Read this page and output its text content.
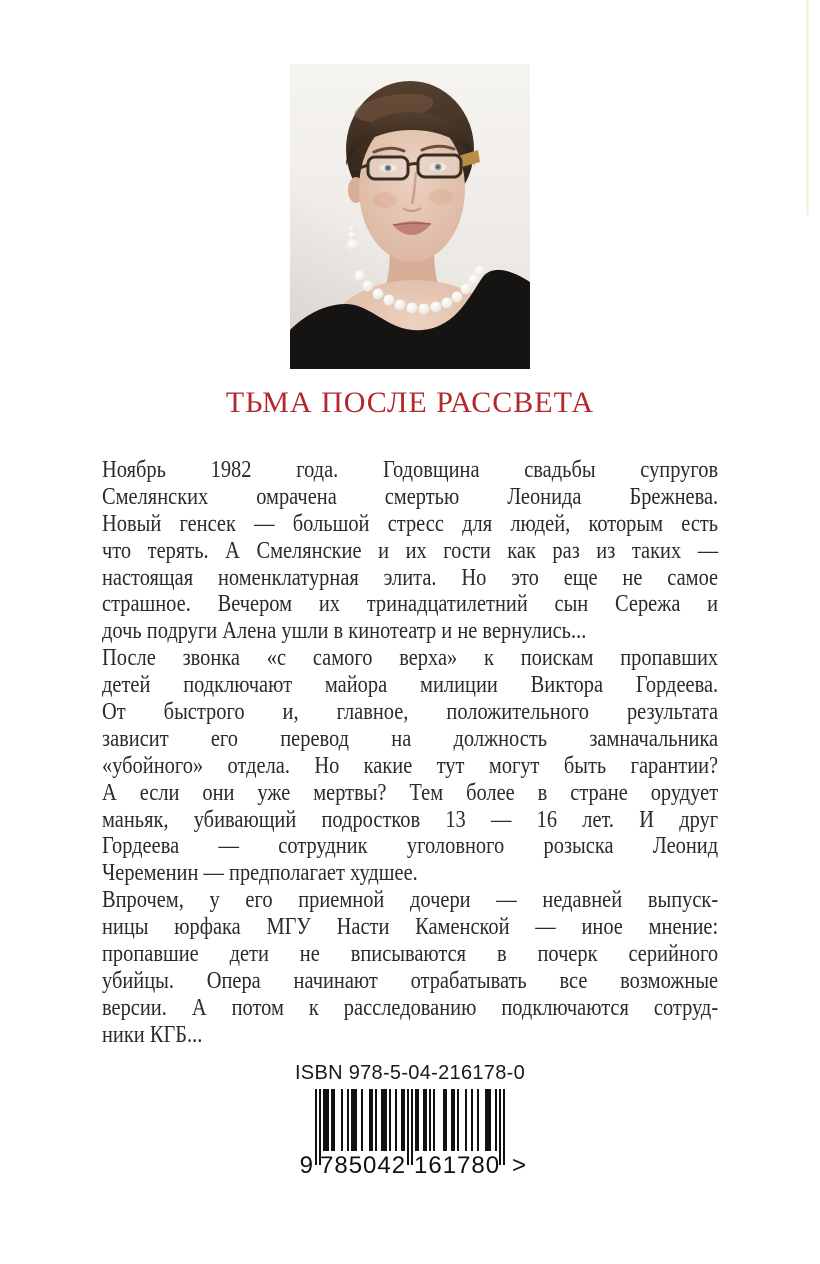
ТЬМА ПОСЛЕ РАССВЕТА
Ноябрь 1982 года. Годовщина свадьбы супругов
Смелянских омрачена смертью Леонида Брежнева.
Новый генсек — большой стресс для людей, которым есть
что терять. А Смелянские и их гости как раз из таких —
настоящая номенклатурная элита. Но это еще не самое
страшное. Вечером их тринадцатилетний сын Сережа и
дочь подруги Алена ушли в кинотеатр и не вернулись...
После звонка «с самого верха» к поискам пропавших
детей подключают майора милиции Виктора Гордеева.
От быстрого и, главное, положительного результата
зависит его перевод на должность замначальника
«убойного» отдела. Но какие тут могут быть гарантии?
А если они уже мертвы? Тем более в стране орудует
маньяк, убивающий подростков 13 — 16 лет. И друг
Гордеева — сотрудник уголовного розыска Леонид
Череменин — предполагает худшее.
Впрочем, у его приемной дочери — недавней выпуск-
ницы юрфака МГУ Насти Каменской — иное мнение:
пропавшие дети не вписываются в почерк серийного
убийцы. Опера начинают отрабатывать все возможные
версии. А потом к расследованию подключаются сотруд-
ники КГБ...
ISBN 978-5-04-216178-0
9 785042 161780 >
